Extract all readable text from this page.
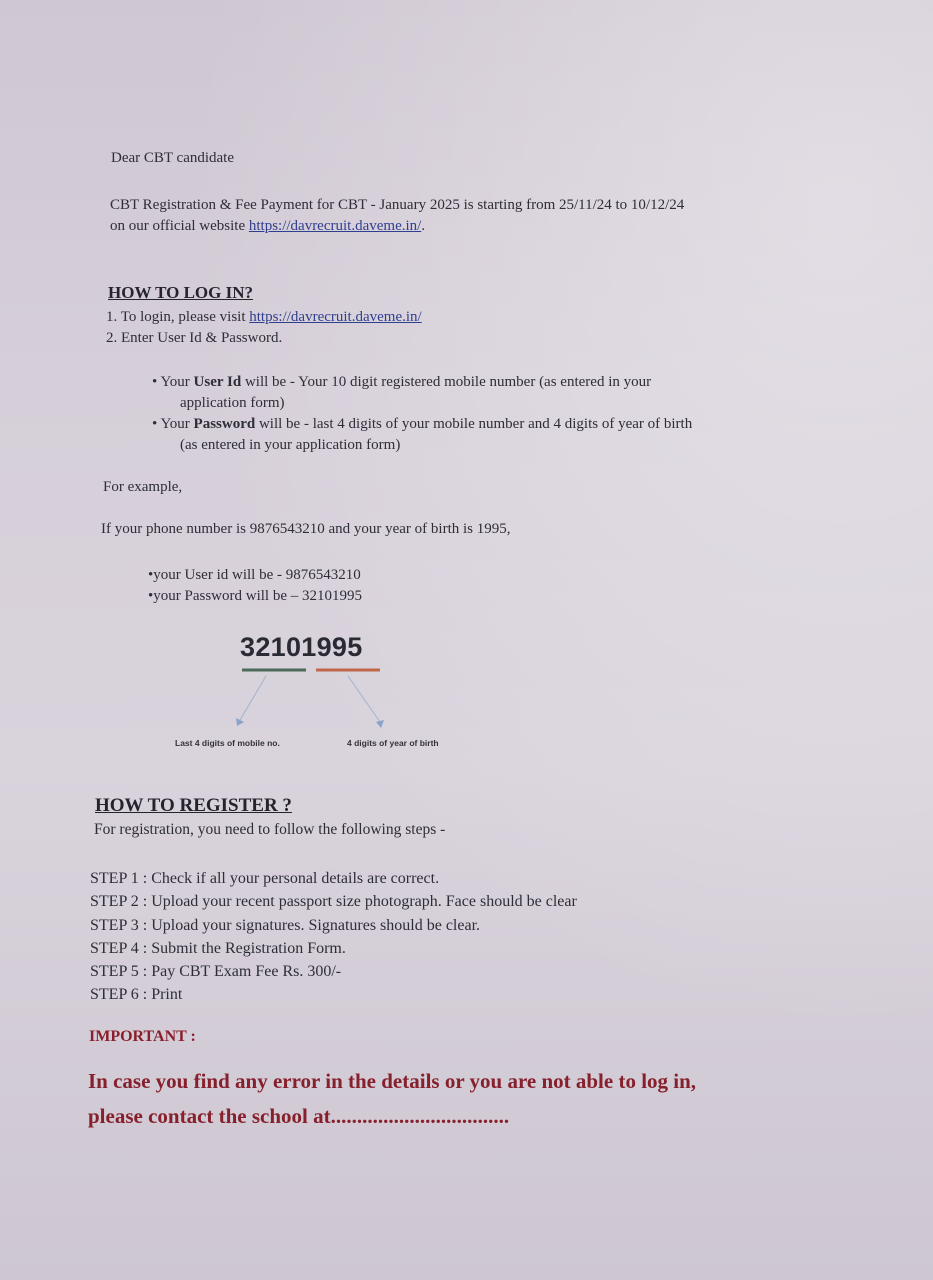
Dear CBT candidate
CBT Registration & Fee Payment for CBT - January 2025 is starting from 25/11/24 to 10/12/24
on our official website https://davrecruit.daveme.in/.
HOW TO LOG IN?
1. To login, please visit https://davrecruit.daveme.in/
2. Enter User Id & Password.
• Your User Id will be - Your 10 digit registered mobile number (as entered in your
application form)
• Your Password will be - last 4 digits of your mobile number and 4 digits of year of birth
(as entered in your application form)
For example,
If your phone number is 9876543210 and your year of birth is 1995,
•your User id will be - 9876543210
•your Password will be – 32101995
32101995
Last 4 digits of mobile no.	4 digits of year of birth
HOW TO REGISTER ?
For registration, you need to follow the following steps -
STEP 1 : Check if all your personal details are correct.
STEP 2 : Upload your recent passport size photograph. Face should be clear
STEP 3 : Upload your signatures. Signatures should be clear.
STEP 4 : Submit the Registration Form.
STEP 5 : Pay CBT Exam Fee Rs. 300/-
STEP 6 : Print
IMPORTANT :
In case you find any error in the details or you are not able to log in,
please contact the school at..................................
